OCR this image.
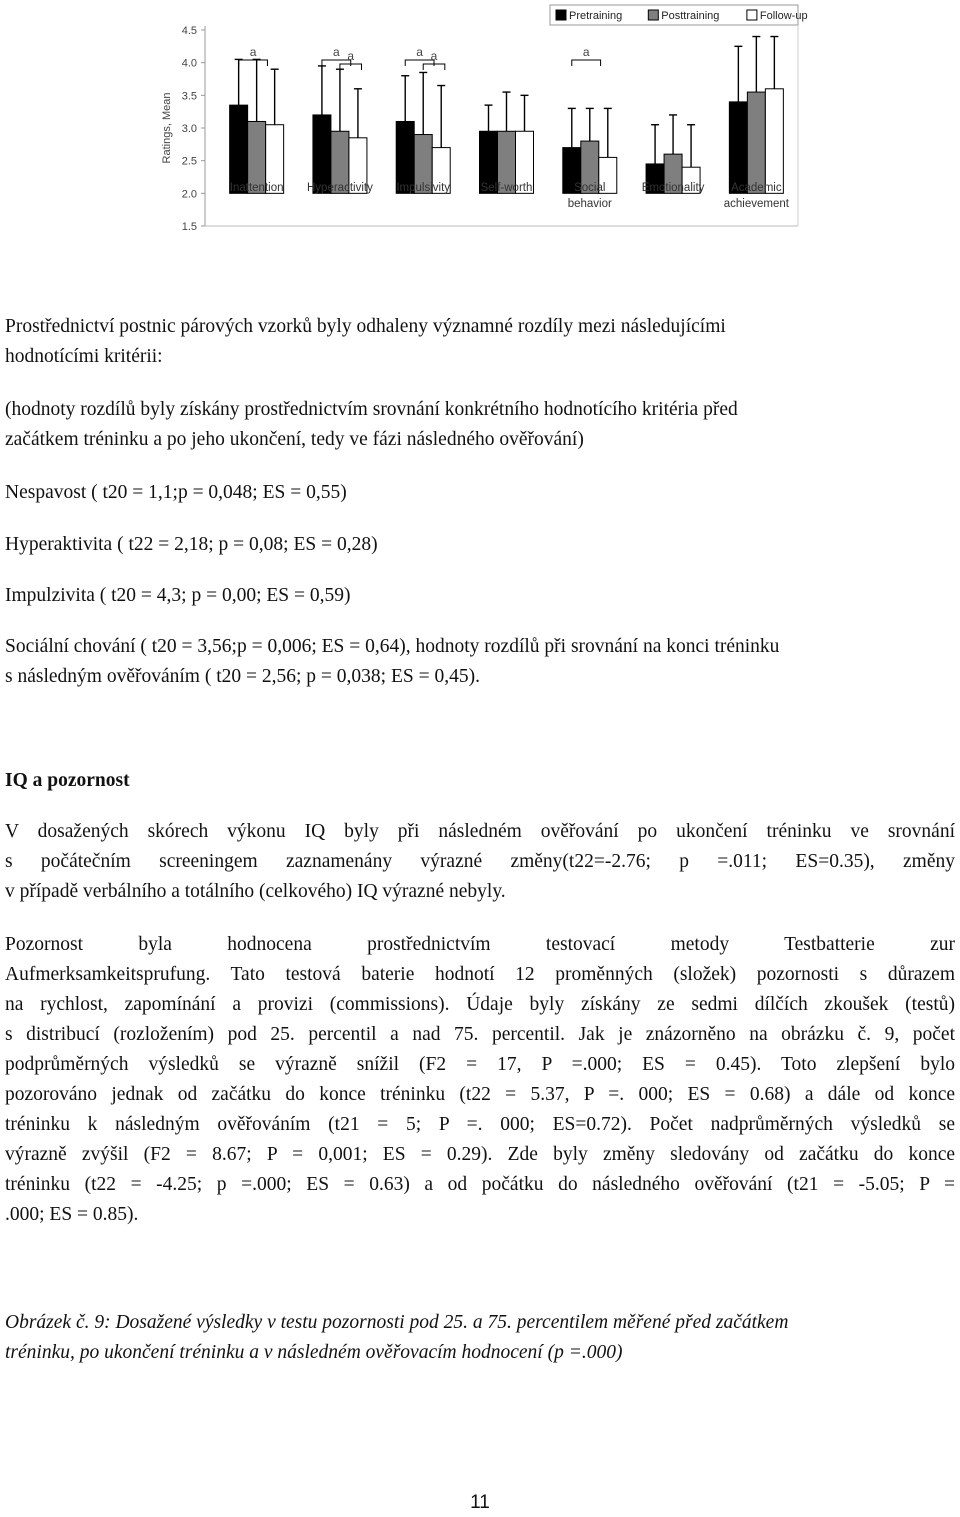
1.5
2.0
2.5
3.0
3.5
4.0
4.5
Ratings, Mean
Inattention Hyperactivity Impulsivity	Self-worth	Social
behavior
Emotionality Academic
achievement
a	a a	a a	a
Pretraining	Posttraining	Follow-up

Prostřednictví postnic párových vzorků byly odhaleny významné rozdíly mezi následujícími
hodnotícími kritérii:

(hodnoty rozdílů byly získány prostřednictvím srovnání konkrétního hodnotícího kritéria před
začátkem tréninku a po jeho ukončení, tedy ve fázi následného ověřování)

Nespavost ( t20 = 1,1;p = 0,048; ES = 0,55)

Hyperaktivita ( t22 = 2,18; p = 0,08; ES = 0,28)

Impulzivita ( t20 = 4,3; p = 0,00; ES = 0,59)

Sociální chování ( t20 = 3,56;p = 0,006; ES = 0,64), hodnoty rozdílů při srovnání na konci tréninku
s následným ověřováním ( t20 = 2,56; p = 0,038; ES = 0,45).

IQ a pozornost

V dosažených skórech výkonu IQ byly při následném ověřování po ukončení tréninku ve srovnání
s počátečním screeningem zaznamenány výrazné změny(t22=-2.76; p =.011; ES=0.35), změny
v případě verbálního a totálního (celkového) IQ výrazné nebyly.

Pozornost byla hodnocena prostřednictvím testovací metody Testbatterie zur
Aufmerksamkeitsprufung. Tato testová baterie hodnotí 12 proměnných (složek) pozornosti s důrazem
na rychlost, zapomínání a provizi (commissions). Údaje byly získány ze sedmi dílčích zkoušek (testů)
s distribucí (rozložením) pod 25. percentil a nad 75. percentil. Jak je znázorněno na obrázku č. 9, počet
podprůměrných výsledků se výrazně snížil (F2 = 17, P =.000; ES = 0.45). Toto zlepšení bylo
pozorováno jednak od začátku do konce tréninku (t22 = 5.37, P =. 000; ES = 0.68) a dále od konce
tréninku k následným ověřováním (t21 = 5; P =. 000; ES=0.72). Počet nadprůměrných výsledků se
výrazně zvýšil (F2 = 8.67; P = 0,001; ES = 0.29). Zde byly změny sledovány od začátku do konce
tréninku (t22 = -4.25; p =.000; ES = 0.63) a od počátku do následného ověřování (t21 = -5.05; P =
.000; ES = 0.85).

Obrázek č. 9: Dosažené výsledky v testu pozornosti pod 25. a 75. percentilem měřené před začátkem
tréninku, po ukončení tréninku a v následném ověřovacím hodnocení (p =.000)

11
